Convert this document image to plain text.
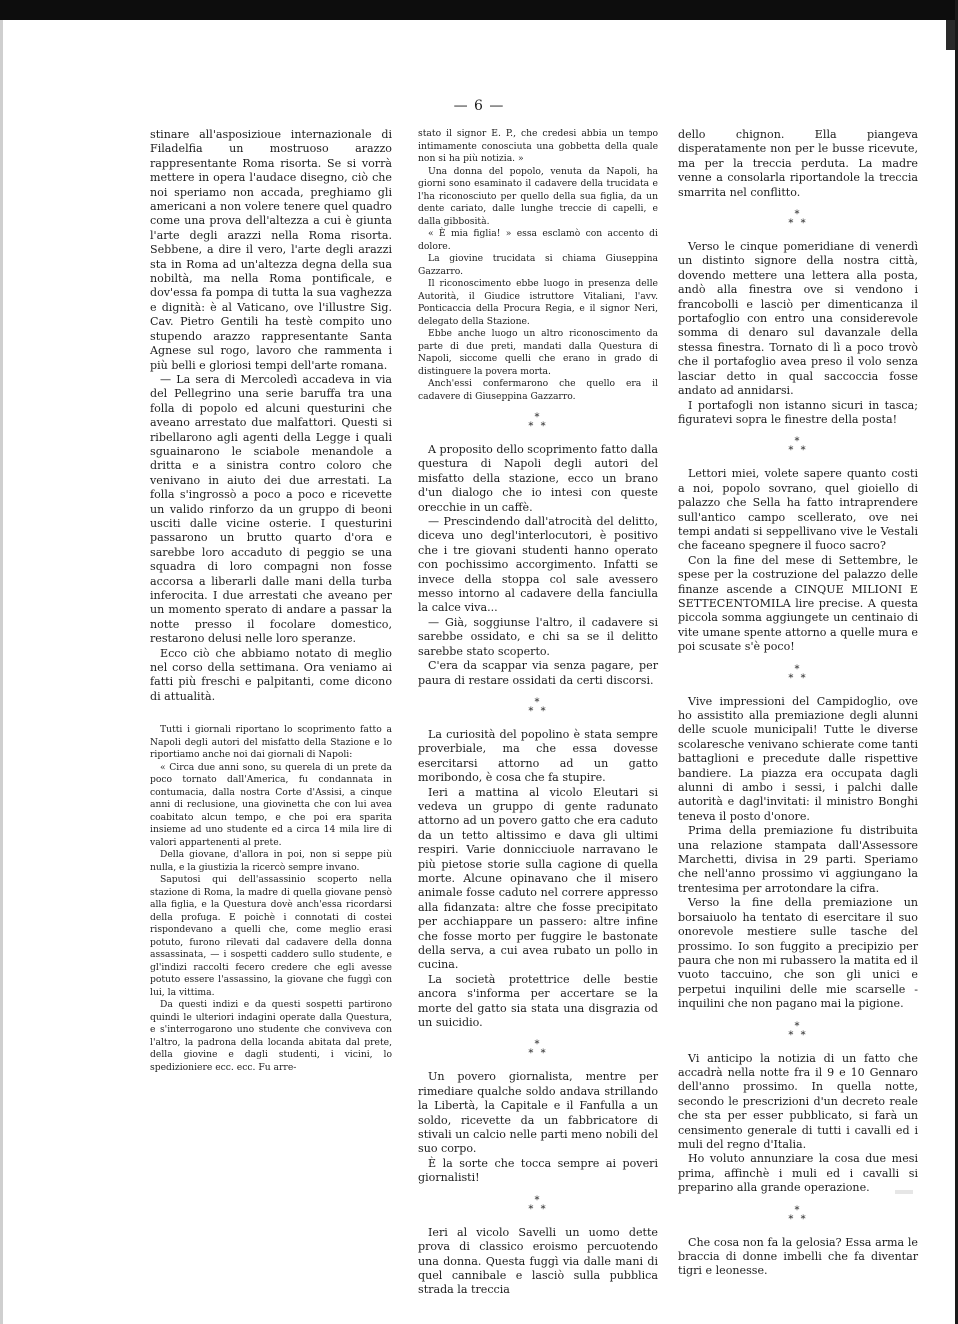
— 6 —

stinare all'asposizioue internazionale di Filadelfia un mostruoso arazzo rappresentante Roma risorta. Se si vorrà mettere in opera l'audace disegno, ciò che noi speriamo non accada, preghiamo gli americani a non volere tenere quel quadro come una prova dell'altezza a cui è giunta l'arte degli arazzi nella Roma risorta. Sebbene, a dire il vero, l'arte degli arazzi sta in Roma ad un'altezza degna della sua nobiltà, ma nella Roma pontificale, e dov'essa fa pompa di tutta la sua vaghezza e dignità: è al Vaticano, ove l'illustre Sig. Cav. Pietro Gentili ha testè compito uno stupendo arazzo rappresentante Santa Agnese sul rogo, lavoro che rammenta i più belli e gloriosi tempi dell'arte romana.

— La sera di Mercoledì accadeva in via del Pellegrino una serie baruffa tra una folla di popolo ed alcuni questurini che aveano arrestato due malfattori. Questi si ribellarono agli agenti della Legge i quali sguainarono le sciabole menandole a dritta e a sinistra contro coloro che venivano in aiuto dei due arrestati. La folla s'ingrossò a poco a poco e ricevette un valido rinforzo da un gruppo di beoni usciti dalle vicine osterie. I questurini passarono un brutto quarto d'ora e sarebbe loro accaduto di peggio se una squadra di loro compagni non fosse accorsa a liberarli dalle mani della turba inferocita. I due arrestati che aveano per un momento sperato di andare a passar la notte presso il focolare domestico, restarono delusi nelle loro speranze.

Ecco ciò che abbiamo notato di meglio nel corso della settimana. Ora veniamo ai fatti più freschi e palpitanti, come dicono di attualità.

Tutti i giornali riportano lo scoprimento fatto a Napoli degli autori del misfatto della Stazione e lo riportiamo anche noi dai giornali di Napoli:

« Circa due anni sono, su querela di un prete da poco tornato dall'America, fu condannata in contumacia, dalla nostra Corte d'Assisi, a cinque anni di reclusione, una giovinetta che con lui avea coabitato alcun tempo, e che poi era sparita insieme ad uno studente ed a circa 14 mila lire di valori appartenenti al prete.

Della giovane, d'allora in poi, non si seppe più nulla, e la giustizia la ricercò sempre invano.

Saputosi qui dell'assassinio scoperto nella stazione di Roma, la madre di quella giovane pensò alla figlia, e la Questura dovè anch'essa ricordarsi della profuga. E poichè i connotati di costei rispondevano a quelli che, come meglio erasi potuto, furono rilevati dal cadavere della donna assassinata, — i sospetti caddero sullo studente, e gl'indizi raccolti fecero credere che egli avesse potuto essere l'assassino, la giovane che fuggì con lui, la vittima.

Da questi indizi e da questi sospetti partirono quindi le ulteriori indagini operate dalla Questura, e s'interrogarono uno studente che conviveva con l'altro, la padrona della locanda abitata dal prete, della giovine e dagli studenti, i vicini, lo spedizioniere ecc. ecc. Fu arre-

stato il signor E. P., che credesi abbia un tempo intimamente conosciuta una gobbetta della quale non si ha più notizia. »

Una donna del popolo, venuta da Napoli, ha giorni sono esaminato il cadavere della trucidata e l'ha riconosciuto per quello della sua figlia, da un dente cariato, dalle lunghe treccie di capelli, e dalla gibbosità.

« È mia figlia! » essa esclamò con accento di dolore.

La giovine trucidata si chiama Giuseppina Gazzarro.

Il riconoscimento ebbe luogo in presenza delle Autorità, il Giudice istruttore Vitaliani, l'avv. Ponticaccia della Procura Regia, e il signor Neri, delegato della Stazione.

Ebbe anche luogo un altro riconoscimento da parte di due preti, mandati dalla Questura di Napoli, siccome quelli che erano in grado di distinguere la povera morta.

Anch'essi confermarono che quello era il cadavere di Giuseppina Gazzarro.

*
* *

A proposito dello scoprimento fatto dalla questura di Napoli degli autori del misfatto della stazione, ecco un brano d'un dialogo che io intesi con queste orecchie in un caffè.

— Prescindendo dall'atrocità del delitto, diceva uno degl'interlocutori, è positivo che i tre giovani studenti hanno operato con pochissimo accorgimento. Infatti se invece della stoppa col sale avessero messo intorno al cadavere della fanciulla la calce viva...

— Già, soggiunse l'altro, il cadavere si sarebbe ossidato, e chi sa se il delitto sarebbe stato scoperto.

C'era da scappar via senza pagare, per paura di restare ossidati da certi discorsi.

*
* *

La curiosità del popolino è stata sempre proverbiale, ma che essa dovesse esercitarsi attorno ad un gatto moribondo, è cosa che fa stupire.

Ieri a mattina al vicolo Eleutari si vedeva un gruppo di gente radunato attorno ad un povero gatto che era caduto da un tetto altissimo e dava gli ultimi respiri. Varie donnicciuole narravano le più pietose storie sulla cagione di quella morte. Alcune opinavano che il misero animale fosse caduto nel correre appresso alla fidanzata: altre che fosse precipitato per acchiappare un passero: altre infine che fosse morto per fuggire le bastonate della serva, a cui avea rubato un pollo in cucina.

La società protettrice delle bestie ancora s'informa per accertare se la morte del gatto sia stata una disgrazia od un suicidio.

*
* *

Un povero giornalista, mentre per rimediare qualche soldo andava strillando la Libertà, la Capitale e il Fanfulla a un soldo, ricevette da un fabbricatore di stivali un calcio nelle parti meno nobili del suo corpo.

È la sorte che tocca sempre ai poveri giornalisti!

*
* *

Ieri al vicolo Savelli un uomo dette prova di classico eroismo percuotendo una donna. Questa fuggì via dalle mani di quel cannibale e lasciò sulla pubblica strada la treccia

dello chignon. Ella piangeva disperatamente non per le busse ricevute, ma per la treccia perduta. La madre venne a consolarla riportandole la treccia smarrita nel conflitto.

*
* *

Verso le cinque pomeridiane di venerdì un distinto signore della nostra città, dovendo mettere una lettera alla posta, andò alla finestra ove si vendono i francobolli e lasciò per dimenticanza il portafoglio con entro una considerevole somma di denaro sul davanzale della stessa finestra. Tornato di lì a poco trovò che il portafoglio avea preso il volo senza lasciar detto in qual saccoccia fosse andato ad annidarsi.

I portafogli non istanno sicuri in tasca; figuratevi sopra le finestre della posta!

*
* *

Lettori miei, volete sapere quanto costi a noi, popolo sovrano, quel gioiello di palazzo che Sella ha fatto intraprendere sull'antico campo scellerato, ove nei tempi andati si seppellivano vive le Vestali che faceano spegnere il fuoco sacro?

Con la fine del mese di Settembre, le spese per la costruzione del palazzo delle finanze ascende a CINQUE MILIONI E SETTECENTOMILA lire precise. A questa piccola somma aggiungete un centinaio di vite umane spente attorno a quelle mura e poi scusate s'è poco!

*
* *

Vive impressioni del Campidoglio, ove ho assistito alla premiazione degli alunni delle scuole municipali! Tutte le diverse scolaresche venivano schierate come tanti battaglioni e precedute dalle rispettive bandiere. La piazza era occupata dagli alunni di ambo i sessi, i palchi dalle autorità e dagl'invitati: il ministro Bonghi teneva il posto d'onore.

Prima della premiazione fu distribuita una relazione stampata dall'Assessore Marchetti, divisa in 29 parti. Speriamo che nell'anno prossimo vi aggiungano la trentesima per arrotondare la cifra.

Verso la fine della premiazione un borsaiuolo ha tentato di esercitare il suo onorevole mestiere sulle tasche del prossimo. Io son fuggito a precipizio per paura che non mi rubassero la matita ed il vuoto taccuino, che son gli unici e perpetui inquilini delle mie scarselle - inquilini che non pagano mai la pigione.

*
* *

Vi anticipo la notizia di un fatto che accadrà nella notte fra il 9 e 10 Gennaro dell'anno prossimo. In quella notte, secondo le prescrizioni d'un decreto reale che sta per esser pubblicato, si farà un censimento generale di tutti i cavalli ed i muli del regno d'Italia.

Ho voluto annunziare la cosa due mesi prima, affinchè i muli ed i cavalli si preparino alla grande operazione.

*
* *

Che cosa non fa la gelosia? Essa arma le braccia di donne imbelli che fa diventar tigri e leonesse.
